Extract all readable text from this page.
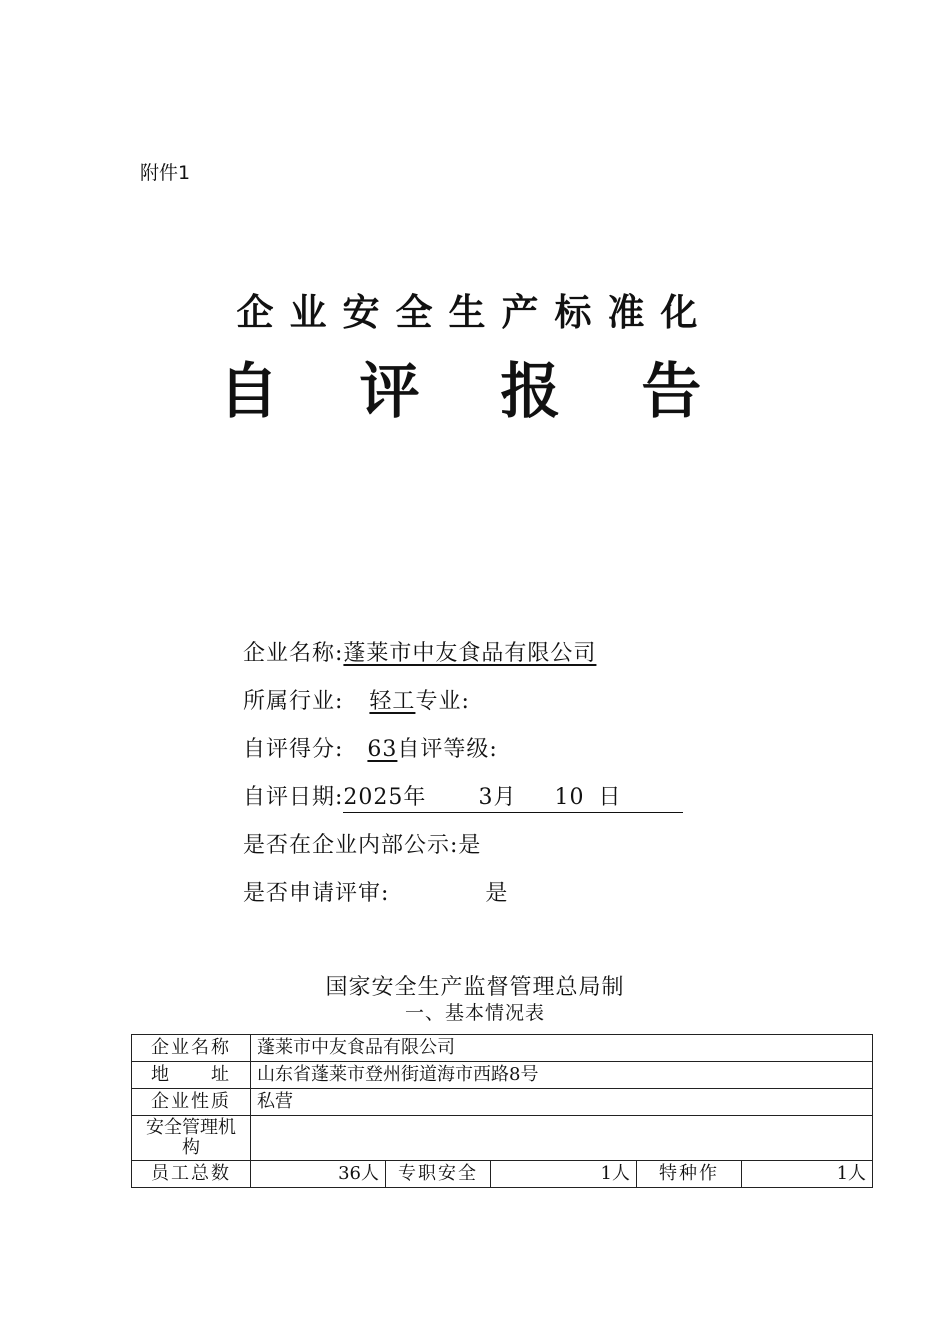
附件1
企业安全生产标准化
自 评 报 告
企业名称:蓬莱市中友食品有限公司
所属行业: 轻工专业:
自评得分: 63自评等级:
自评日期:2025年 3月 10 日
是否在企业内部公示:是
是否申请评审:	是
国家安全生产监督管理总局制
一、基本情况表
企业名称	蓬莱市中友食品有限公司				
地　　址	山东省蓬莱市登州街道海市西路8号				
企业性质	私营				
安全管理机构					
员工总数	36人	专职安全	1人	特种作	1人
